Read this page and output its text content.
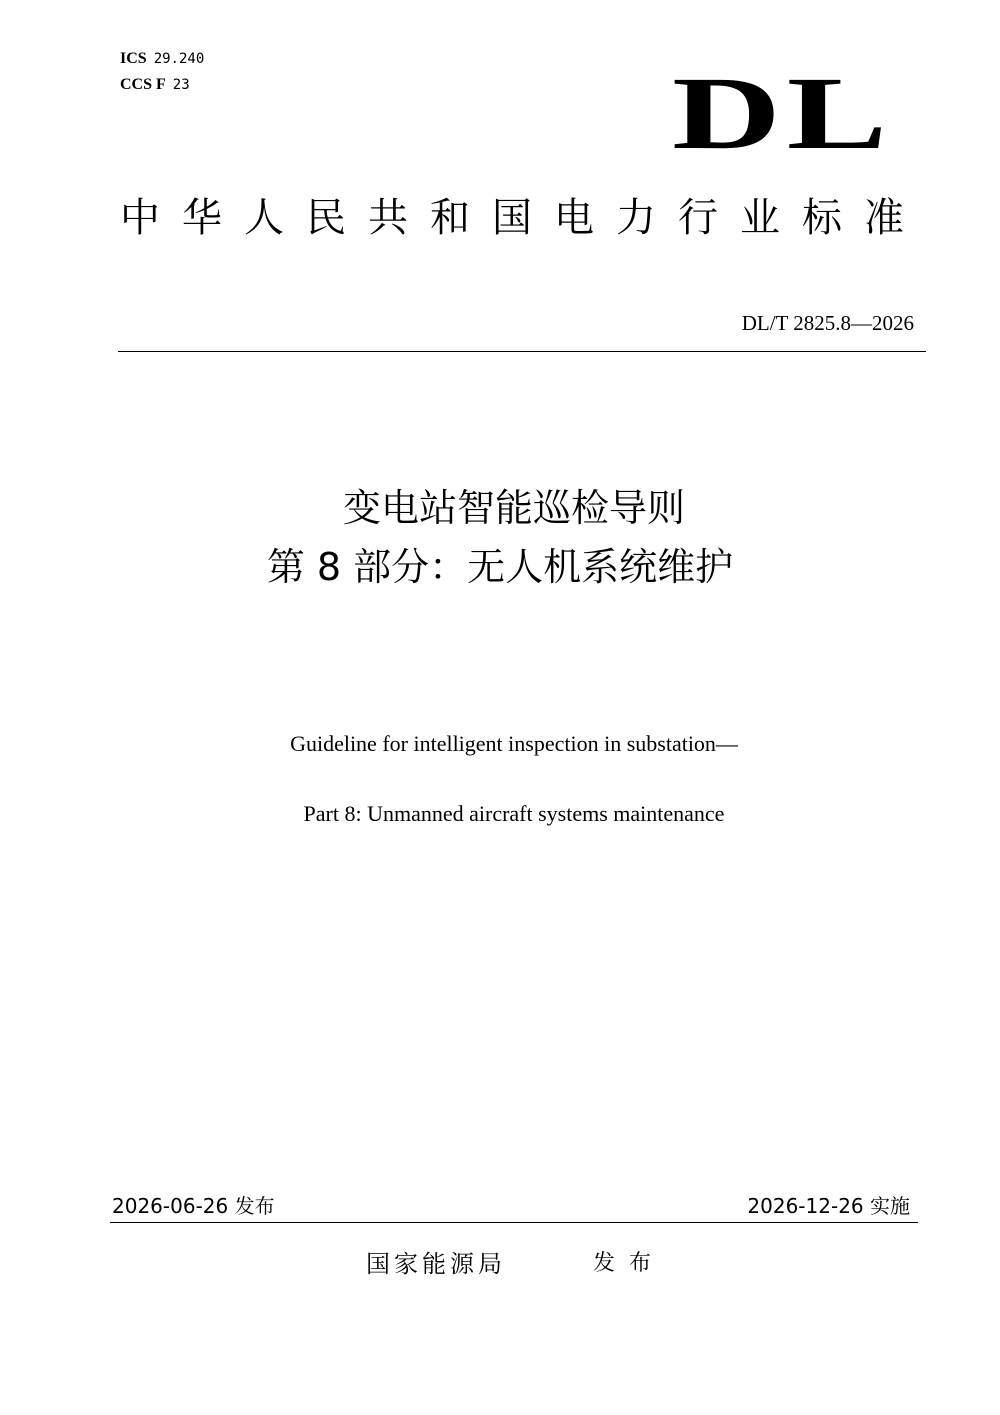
ICS 29.240
CCS F 23	DL
中华人民共和国电力行业标准
DL/T 2825.8—2026
变电站智能巡检导则
第 8 部分：无人机系统维护
Guideline for intelligent inspection in substation—
Part 8: Unmanned aircraft systems maintenance
2026-06-26 发布	2026-12-26 实施
国家能源局	发布
